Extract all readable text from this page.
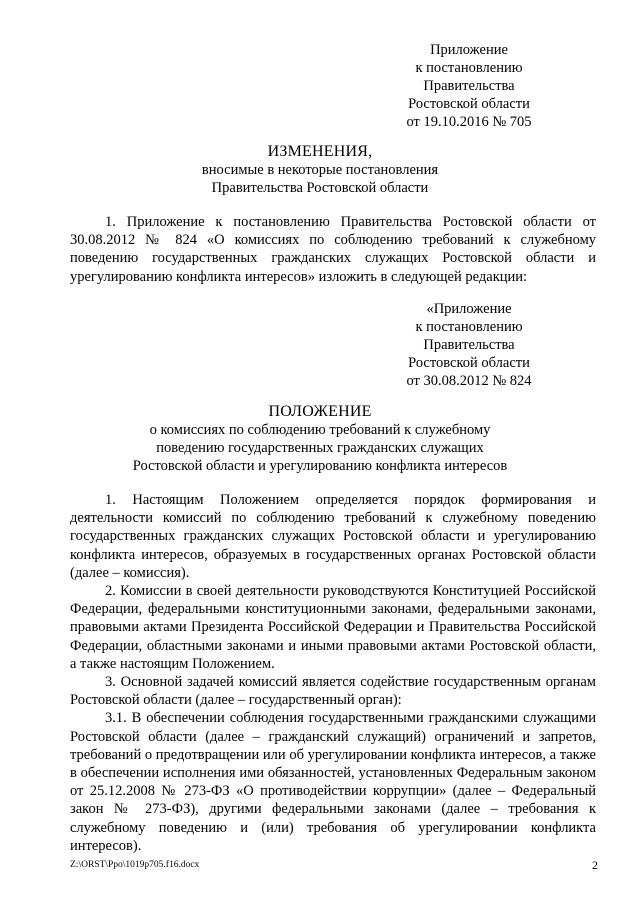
Приложение
к постановлению
Правительства
Ростовской области
от 19.10.2016 № 705
ИЗМЕНЕНИЯ,
вносимые в некоторые постановления
Правительства Ростовской области

1. Приложение к постановлению Правительства Ростовской области от 30.08.2012 № 824 «О комиссиях по соблюдению требований к служебному поведению государственных гражданских служащих Ростовской области и урегулированию конфликта интересов» изложить в следующей редакции:

«Приложение
к постановлению
Правительства
Ростовской области
от 30.08.2012 № 824
ПОЛОЖЕНИЕ
о комиссиях по соблюдению требований к служебному
поведению государственных гражданских служащих
Ростовской области и урегулированию конфликта интересов

1. Настоящим Положением определяется порядок формирования и деятельности комиссий по соблюдению требований к служебному поведению государственных гражданских служащих Ростовской области и урегулированию конфликта интересов, образуемых в государственных органах Ростовской области (далее – комиссия).

2. Комиссии в своей деятельности руководствуются Конституцией Российской Федерации, федеральными конституционными законами, федеральными законами, правовыми актами Президента Российской Федерации и Правительства Российской Федерации, областными законами и иными правовыми актами Ростовской области, а также настоящим Положением.

3. Основной задачей комиссий является содействие государственным органам Ростовской области (далее – государственный орган):

3.1. В обеспечении соблюдения государственными гражданскими служащими Ростовской области (далее – гражданский служащий) ограничений и запретов, требований о предотвращении или об урегулировании конфликта интересов, а также в обеспечении исполнения ими обязанностей, установленных Федеральным законом от 25.12.2008 № 273-ФЗ «О противодействии коррупции» (далее – Федеральный закон № 273-ФЗ), другими федеральными законами (далее – требования к служебному поведению и (или) требования об урегулировании конфликта интересов).

Z:\ORST\Ppo\1019p705.f16.docx	2
